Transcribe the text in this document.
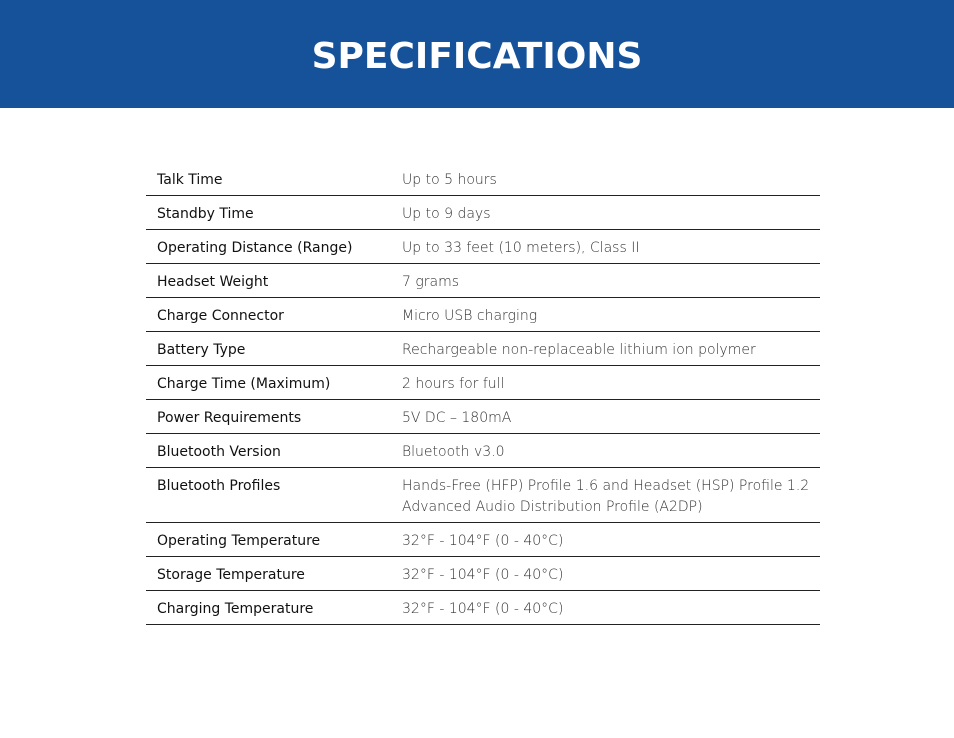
SPECIFICATIONS
Talk Time	Up to 5 hours
Standby Time	Up to 9 days
Operating Distance (Range)	Up to 33 feet (10 meters), Class II
Headset Weight	7 grams
Charge Connector	Micro USB charging
Battery Type	Rechargeable non-replaceable lithium ion polymer
Charge Time (Maximum)	2 hours for full
Power Requirements	5V DC – 180mA
Bluetooth Version	Bluetooth v3.0
Bluetooth Profiles	Hands-Free (HFP) Profile 1.6 and Headset (HSP) Profile 1.2
Advanced Audio Distribution Profile (A2DP)
Operating Temperature	32°F - 104°F (0 - 40°C)
Storage Temperature	32°F - 104°F (0 - 40°C)
Charging Temperature	32°F - 104°F (0 - 40°C)
